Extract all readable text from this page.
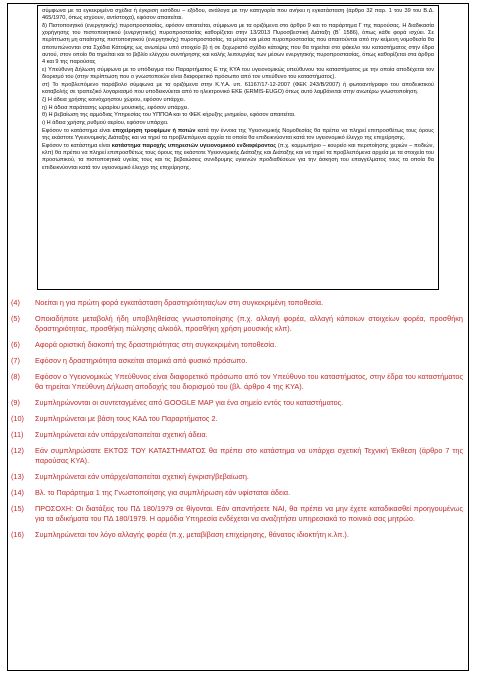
σύμφωνα με τα εγκεκριμένα σχέδια ή έγκριση εισόδου – εξόδου, ανάλογα με την κατηγορία που ανήκει η εγκατάσταση (άρθρο 32 παρ. 1 του 39 του Β.Δ. 465/1970, όπως ισχύουν, αντίστοιχα), εφόσον απαιτείται.

δ) Πιστοποιητικό (ενεργητικής) πυροπροστασίας, εφόσον απαιτείται, σύμφωνα με τα οριζόμενα στο άρθρο 9 και το παράρτημα Γ της παρούσας. Η διαδικασία χορήγησης του πιστοποιητικού (ενεργητικής) πυροπροστασίας καθορίζεται στην 13/2013 Πυροσβεστική Διάταξη (Β΄ 1586), όπως κάθε φορά ισχύει. Σε περίπτωση μη απαίτησης πιστοποιητικού (ενεργητικής) πυροπροστασίας, τα μέτρα και μέσα πυροπροστασίας που απαιτούνται από την κείμενη νομοθεσία θα αποτυπώνονται στα Σχέδια Κάτοψης ως ανωτέρω υπό στοιχείο β) ή σε ξεχωριστό σχέδιο κάτοψης που θα τηρείται στο φάκελο του καταστήματος στην έδρα αυτού, στον οποίο θα τηρείται και το βιβλίο ελέγχου συντήρησης και καλής λειτουργίας των μέσων ενεργητικής πυροπροστασίας, όπως καθορίζεται στα άρθρα 4 και 9 της παρούσας

ε) Υπεύθυνη Δήλωση σύμφωνα με το υπόδειγμα του Παραρτήματος Ε της ΚΥΑ του υγειονομικώς υπεύθυνου του καταστήματος με την οποία αποδέχεται τον διορισμό του (στην περίπτωση που ο γνωστοποιών είναι διαφορετικό πρόσωπο από τον υπεύθυνο του καταστήματος).

στ) Το προβλεπόμενο παράβολο σύμφωνα με τα οριζόμενα στην Κ.Υ.Α. υπ. 61167/17-12-2007 (ΦΕΚ 243/Β/2007) ή φωτοαντίγραφο του αποδεικτικού καταβολής σε τραπεζικό λογαριασμό που υποδεικνύεται από το ηλεκτρονικό ΕΚΕ (ERMIS-EUGO) όπως αυτό λαμβάνεται στην ανωτέρω γνωστοποίηση.

ζ) Η άδεια χρήσης κοινόχρηστου χώρου, εφόσον υπάρχει.

η) Η άδεια παράτασης ωραρίου μουσικής, εφόσον υπάρχει.

θ) Η βεβαίωση της αρμόδιας Υπηρεσίας του ΥΠΠΟΑ και το ΦΕΚ κήρυξης μνημείου, εφόσον απαιτείται.

ι) Η άδεια χρήσης ρυθμού αερίου, εφόσον υπάρχει.

Εφόσον το κατάστημα είναι επιχείρηση τροφίμων ή ποτών κατά την έννοια της Υγειονομικής Νομοθεσίας θα πρέπει να πληρεί επιπροσθέτως τους όρους της εκάστοτε Υγειονομικής Διάταξης και να τηρεί τα προβλεπόμενα αρχεία τα οποία θα επιδεικνύονται κατά τον υγειονομικό έλεγχο της επιχείρησης.

Εφόσον το κατάστημα είναι κατάστημα παροχής υπηρεσιών υγειονομικού ενδιαφέροντος (π.χ. κομμωτήριο – κουρείο και περιποίησης χεριών – ποδιών, κλπ) θα πρέπει να πληρεί επιπροσθέτως τους όρους της εκάστοτε Υγειονομικής Διάταξης και Διάταξης και να τηρεί τα προβλεπόμενα αρχεία με τα στοιχεία του προσωπικού, τα πιστοποιητικά υγείας τους και τις βεβαιώσεις συνιδρυμης υγιεινών προδιαθέσεων για την άσκηση του επαγγέλματος τους τα οποία θα επιδεικνύονται κατά τον υγειονομικό έλεγχο της επιχείρησης.

(4)	Νοείται η για πρώτη φορά εγκατάσταση δραστηριότητας/ων στη συγκεκριμένη τοποθεσία.
(5)	Οποιαδήποτε μεταβολή ήδη υποβληθείσας γνωστοποίησης (π.χ. αλλαγή φορέα, αλλαγή κάποιων στοιχείων φορέα, προσθήκη δραστηριότητας, προσθήκη πώλησης αλκοόλ, προσθήκη χρήση μουσικής κλπ).
(6)	Αφορά οριστική διακοπή της δραστηριότητας στη συγκεκριμένη τοποθεσία.
(7)	Εφόσον η δραστηριότητα ασκείται ατομικά από φυσικό πρόσωπο.
(8)	Εφόσον ο Υγειονομικώς Υπεύθυνος είναι διαφορετικό πρόσωπο από τον Υπεύθυνο του καταστήματος, στην έδρα του καταστήματος θα τηρείται Υπεύθυνη Δήλωση αποδοχής του διορισμού του (βλ. άρθρο 4 της ΚΥΑ).
(9)	Συμπληρώνονται οι συντεταγμένες από GOOGLE MAP για ένα σημείο εντός του καταστήματος.
(10)	Συμπληρώνεται με βάση τους ΚΑΔ του Παραρτήματος 2.
(11)	Συμπληρώνεται εάν υπάρχει/απαιτείται σχετική άδεια.
(12)	Εάν συμπληρώσατε ΕΚΤΟΣ ΤΟΥ ΚΑΤΑΣΤΗΜΑΤΟΣ θα πρέπει στο κατάστημα να υπάρχει σχετική Τεχνική Έκθεση (άρθρο 7 της παρούσας ΚΥΑ).
(13)	Συμπληρώνεται εάν υπάρχει/απαιτείται σχετική έγκριση/βεβαίωση.
(14)	Βλ. το Παράρτημα 1 της Γνωστοποίησης για συμπλήρωση εάν υφίσταται άδεια.
(15)	ΠΡΟΣΟΧΗ: Οι διατάξεις του ΠΔ 180/1979 σε θίγονται. Εάν απαντήσετε ΝΑΙ, θα πρέπει να μην έχετε καταδικασθεί προηγουμένως για τα αδικήματα του ΠΔ 180/1979. Η αρμόδια Υπηρεσία ενδέχεται να αναζητήσει υπηρεσιακά το ποινικό σας μητρώο.
(16)	Συμπληρώνεται τον λόγο αλλαγής φορέα (π.χ, μεταβίβαση επιχείρησης, θάνατος ιδιοκτήτη κ.λπ.).
